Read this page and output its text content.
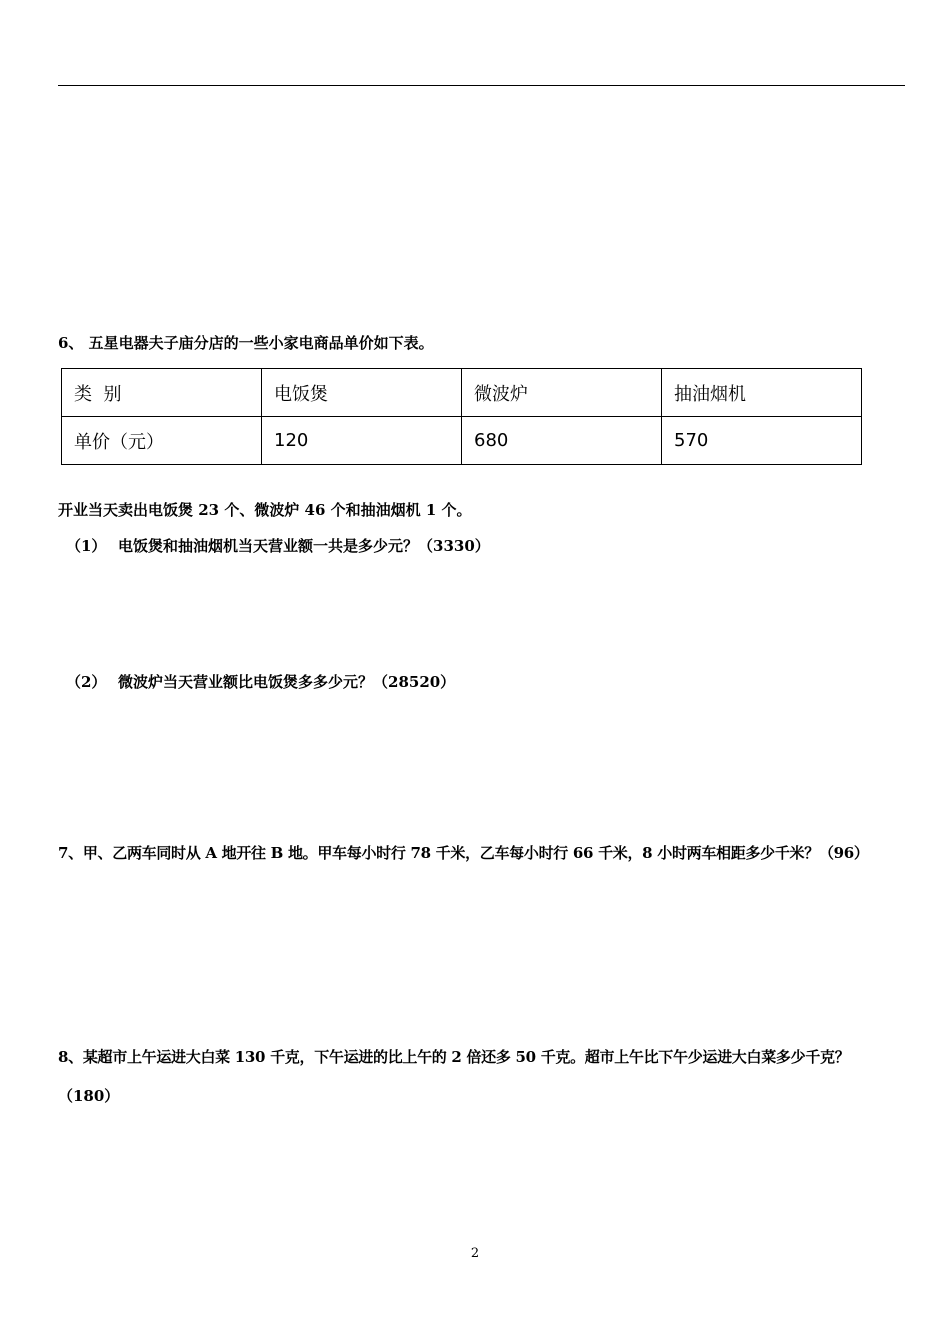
6、 五星电器夫子庙分店的一些小家电商品单价如下表。
类  别	电饭煲	微波炉	抽油烟机
单价（元）	120	680	570
开业当天卖出电饭煲 23 个、微波炉 46 个和抽油烟机 1 个。
（1） 电饭煲和抽油烟机当天营业额一共是多少元？（3330）
（2） 微波炉当天营业额比电饭煲多多少元？（28520）
7、甲、乙两车同时从 A 地开往 B 地。甲车每小时行 78 千米，乙车每小时行 66 千米，8 小时两车相距多少千米？（96）
8、某超市上午运进大白菜 130 千克，下午运进的比上午的 2 倍还多 50 千克。超市上午比下午少运进大白菜多少千克？
（180）
2
